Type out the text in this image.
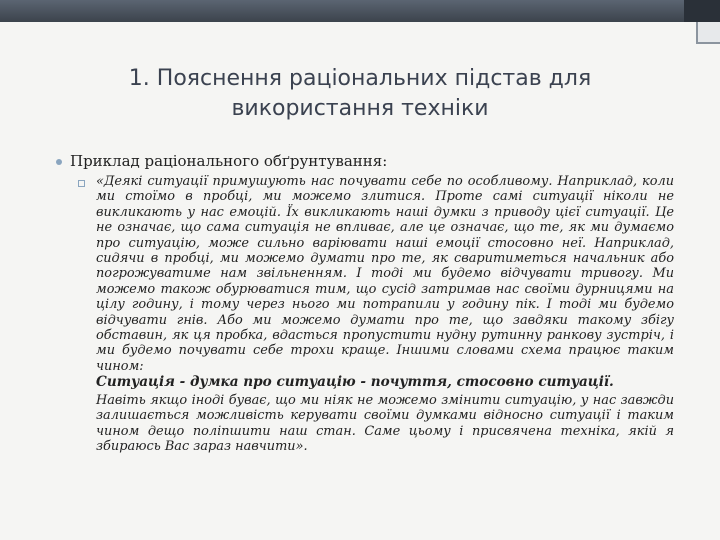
1. Пояснення раціональних підстав для використання техніки
Приклад раціонального обґрунтування:

«Деякі ситуації примушують нас почувати себе по особливому. Наприклад, коли ми стоїмо в пробці, ми можемо злитися. Проте самі ситуації ніколи не викликають у нас емоцій. Їх викликають наші думки з приводу цієї ситуації. Це не означає, що сама ситуація не впливає, але це означає, що те, як ми думаємо про ситуацію, може сильно варіювати наші емоції стосовно неї. Наприклад, сидячи в пробці, ми можемо думати про те, як сваритиметься начальник або погрожуватиме нам звільненням. І тоді ми будемо відчувати тривогу. Ми можемо також обурюватися тим, що сусід затримав нас своїми дурницями на цілу годину, і тому через нього ми потрапили у годину пік. І тоді ми будемо відчувати гнів. Або ми можемо думати про те, що завдяки такому збігу обставин, як ця пробка, вдасться пропустити нудну рутинну ранкову зустріч, і ми будемо почувати себе трохи краще. Іншими словами схема працює таким чином:

Ситуація - думка про ситуацію - почуття, стосовно ситуації.

Навіть якщо іноді буває, що ми ніяк не можемо змінити ситуацію, у нас завжди залишається можливість керувати своїми думками відносно ситуації і таким чином дещо поліпшити наш стан. Саме цьому і присвячена техніка, якій я збираюсь Вас зараз навчити».
